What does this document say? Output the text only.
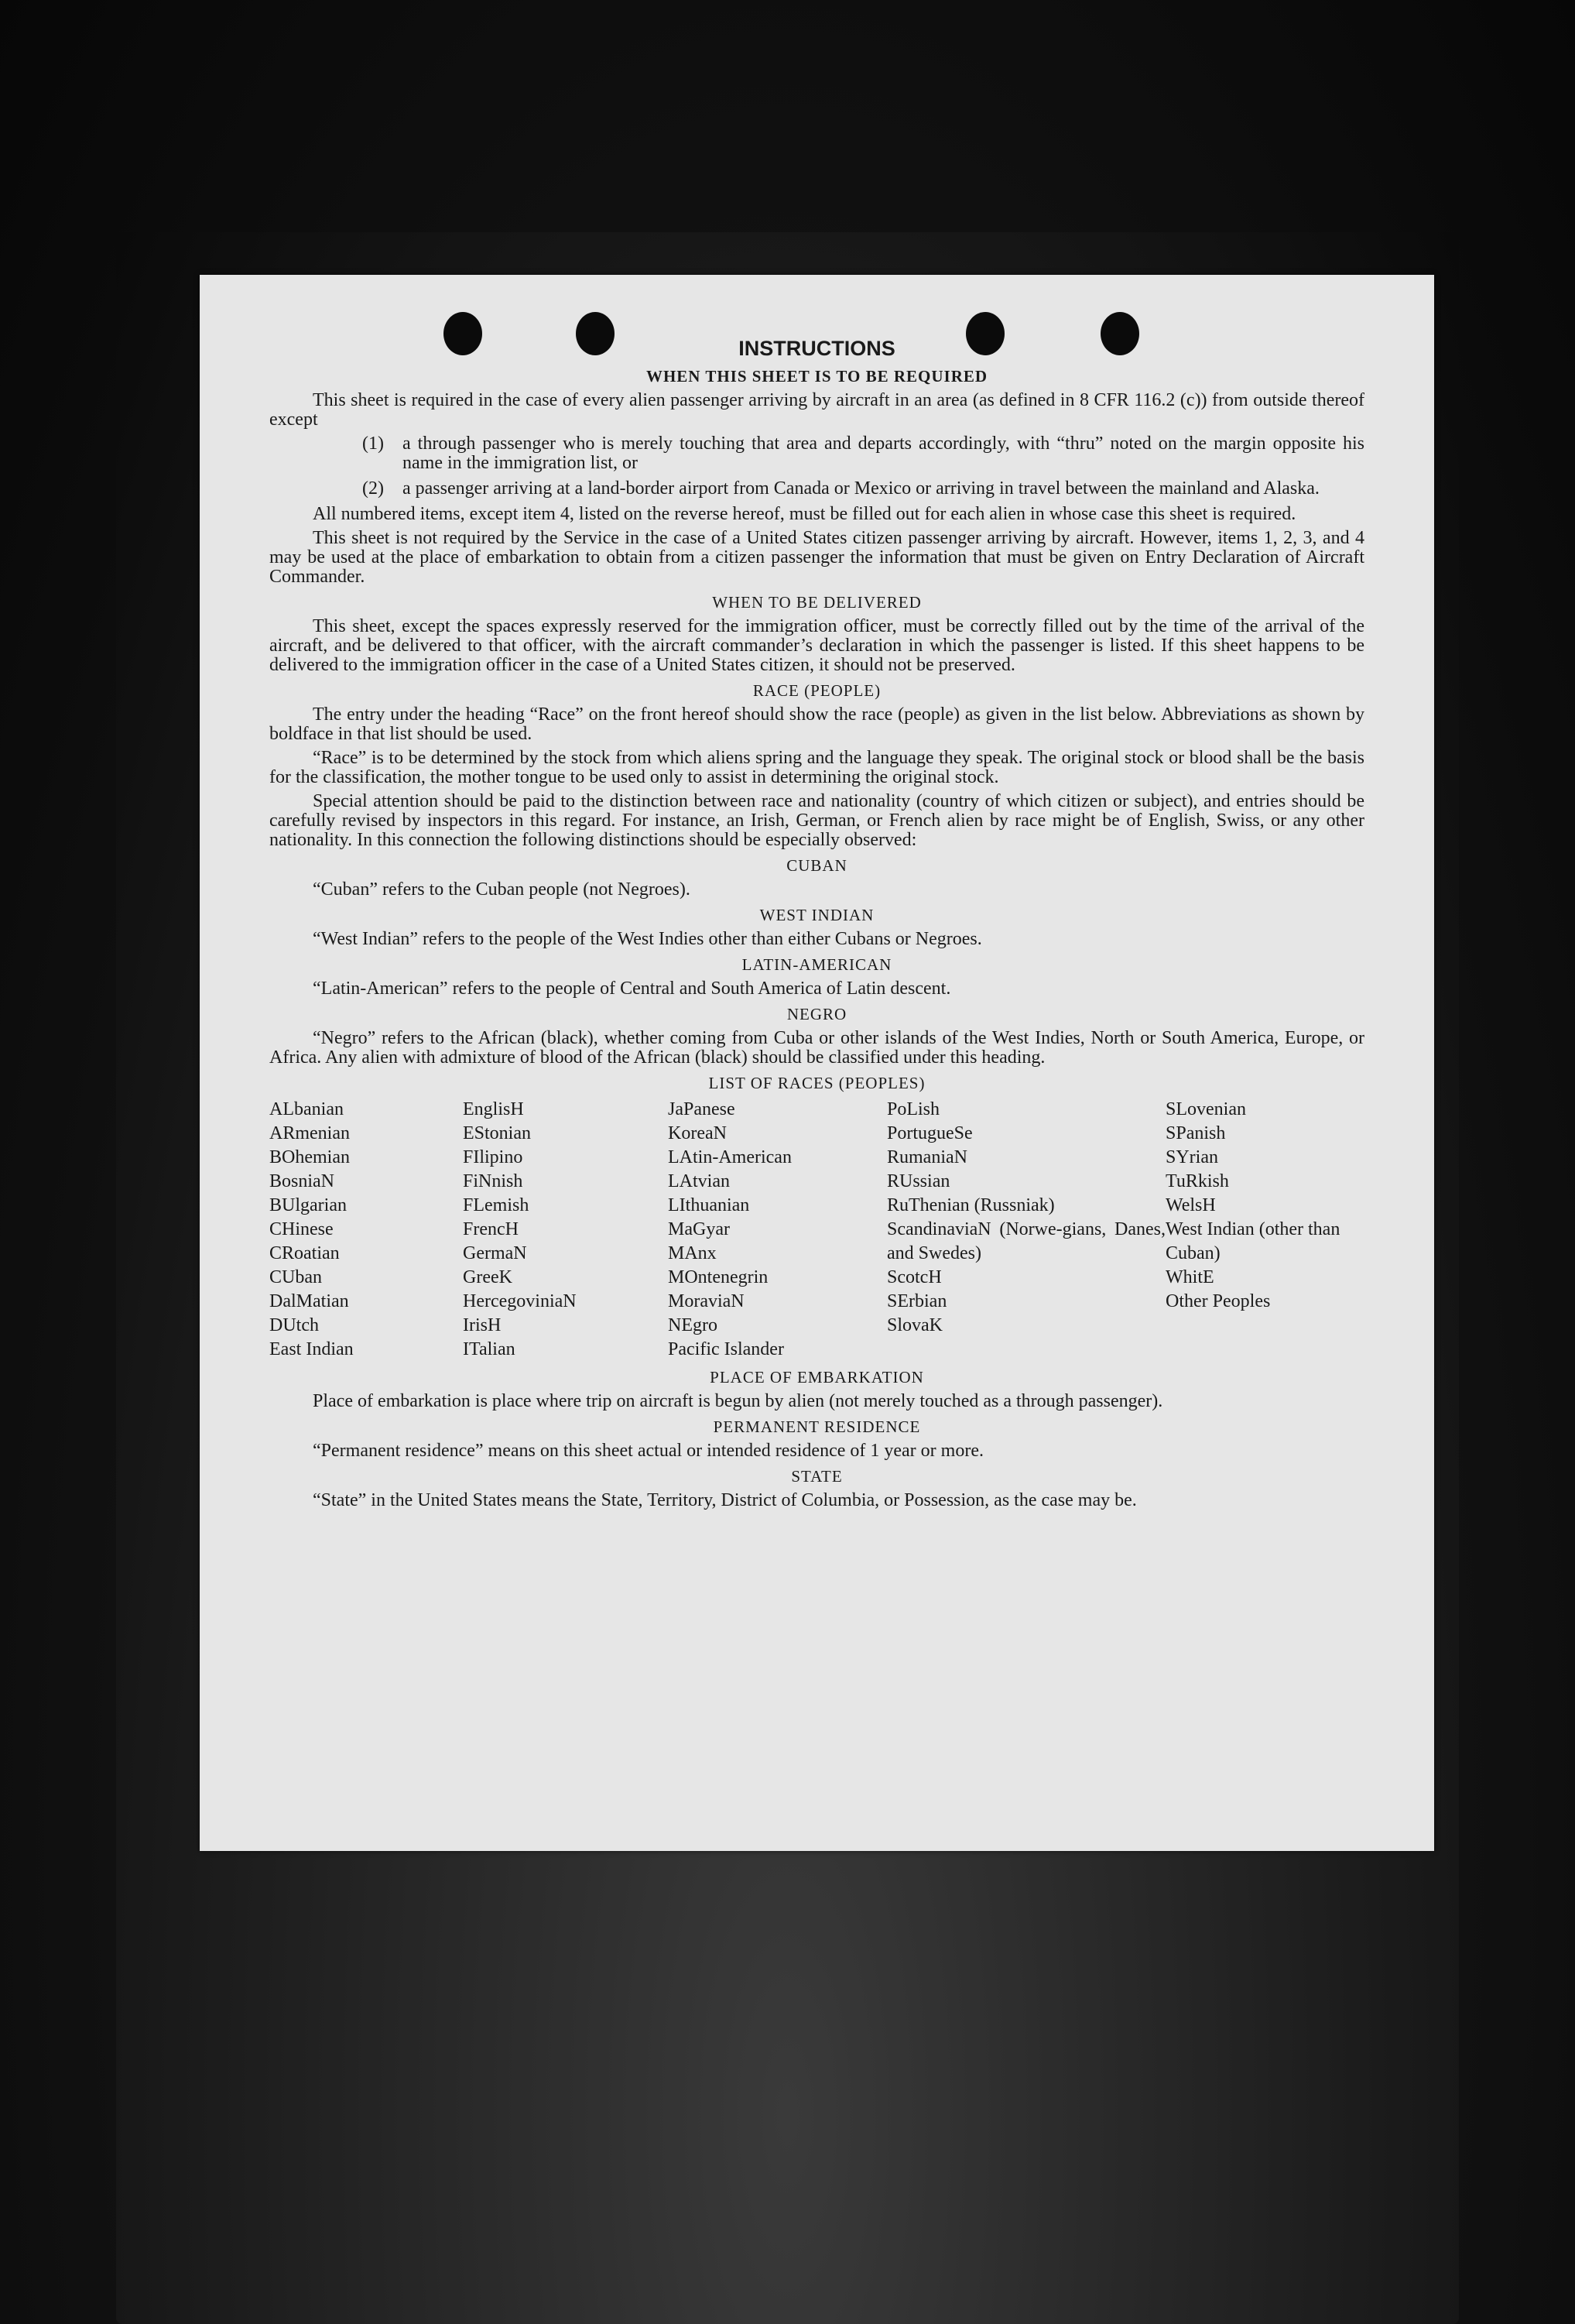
INSTRUCTIONS
WHEN THIS SHEET IS TO BE REQUIRED

This sheet is required in the case of every alien passenger arriving by aircraft in an area (as defined in 8 CFR 116.2 (c)) from outside thereof except

(1)	a through passenger who is merely touching that area and departs accordingly, with “thru” noted on the margin opposite his name in the immigration list, or
(2)	a passenger arriving at a land-border airport from Canada or Mexico or arriving in travel between the mainland and Alaska.

All numbered items, except item 4, listed on the reverse hereof, must be filled out for each alien in whose case this sheet is required.

This sheet is not required by the Service in the case of a United States citizen passenger arriving by aircraft. However, items 1, 2, 3, and 4 may be used at the place of embarkation to obtain from a citizen passenger the information that must be given on Entry Declaration of Aircraft Commander.

WHEN TO BE DELIVERED

This sheet, except the spaces expressly reserved for the immigration officer, must be correctly filled out by the time of the arrival of the aircraft, and be delivered to that officer, with the aircraft commander’s declaration in which the passenger is listed. If this sheet happens to be delivered to the immigration officer in the case of a United States citizen, it should not be preserved.

RACE (PEOPLE)

The entry under the heading “Race” on the front hereof should show the race (people) as given in the list below. Abbreviations as shown by boldface in that list should be used.

“Race” is to be determined by the stock from which aliens spring and the language they speak. The original stock or blood shall be the basis for the classification, the mother tongue to be used only to assist in determining the original stock.

Special attention should be paid to the distinction between race and nationality (country of which citizen or subject), and entries should be carefully revised by inspectors in this regard. For instance, an Irish, German, or French alien by race might be of English, Swiss, or any other nationality. In this connection the following distinctions should be especially observed:

CUBAN

“Cuban” refers to the Cuban people (not Negroes).

WEST INDIAN

“West Indian” refers to the people of the West Indies other than either Cubans or Negroes.

LATIN-AMERICAN

“Latin-American” refers to the people of Central and South America of Latin descent.

NEGRO

“Negro” refers to the African (black), whether coming from Cuba or other islands of the West Indies, North or South America, Europe, or Africa. Any alien with admixture of blood of the African (black) should be classified under this heading.

LIST OF RACES (PEOPLES)
ALbanian
ARmenian
BOhemian
BosniaN
BUlgarian
CHinese
CRoatian
CUban
DalMatian
DUtch
East Indian
EnglisH
EStonian
FIlipino
FiNnish
FLemish
FrencH
GermaN
GreeK
HercegoviniaN
IrisH
ITalian
JaPanese
KoreaN
LAtin-American
LAtvian
LIthuanian
MaGyar
MAnx
MOntenegrin
MoraviaN
NEgro
Pacific Islander
PoLish
PortugueSe
RumaniaN
RUssian
RuThenian (Russniak)
ScandinaviaN (Norwe-gians, Danes, and Swedes)
ScotcH
SErbian
SlovaK
SLovenian
SPanish
SYrian
TuRkish
WelsH
West Indian (other than Cuban)
WhitE
Other Peoples
PLACE OF EMBARKATION

Place of embarkation is place where trip on aircraft is begun by alien (not merely touched as a through passenger).

PERMANENT RESIDENCE

“Permanent residence” means on this sheet actual or intended residence of 1 year or more.

STATE

“State” in the United States means the State, Territory, District of Columbia, or Possession, as the case may be.
